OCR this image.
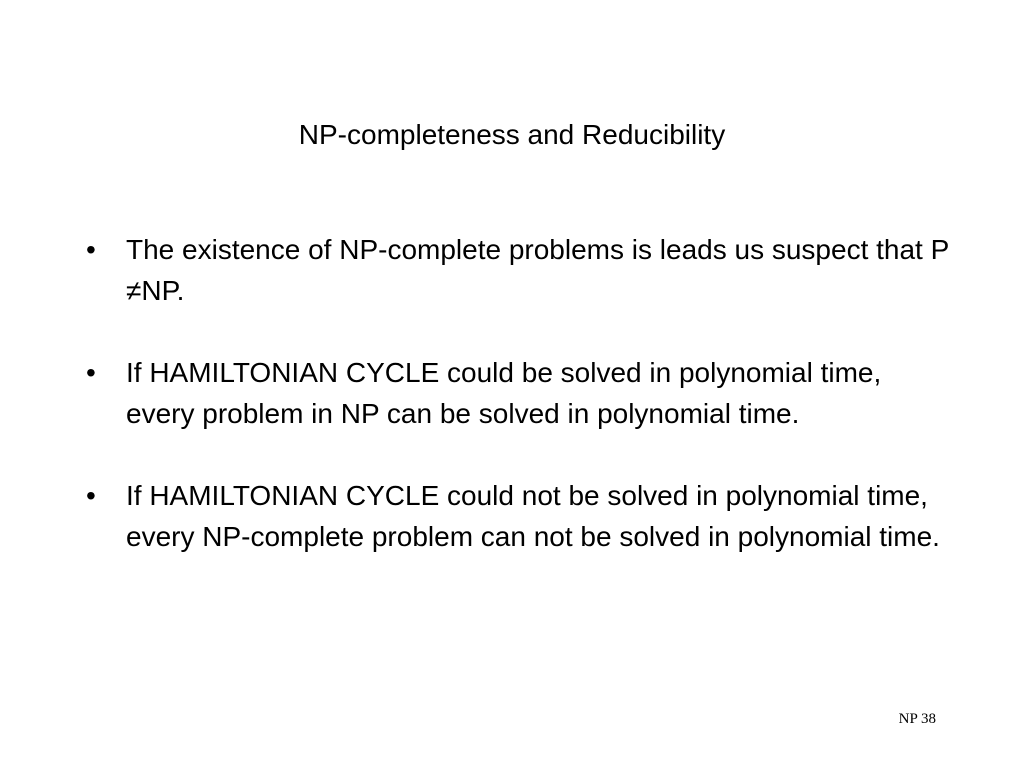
NP-completeness and Reducibility
•	The existence of NP-complete problems is leads us suspect that P ≠NP.
•	If HAMILTONIAN CYCLE could be solved in polynomial time, every problem in NP can be solved in polynomial time.
•	If HAMILTONIAN CYCLE could not be solved in polynomial time, every NP-complete problem can not be solved in polynomial time.
NP 38
